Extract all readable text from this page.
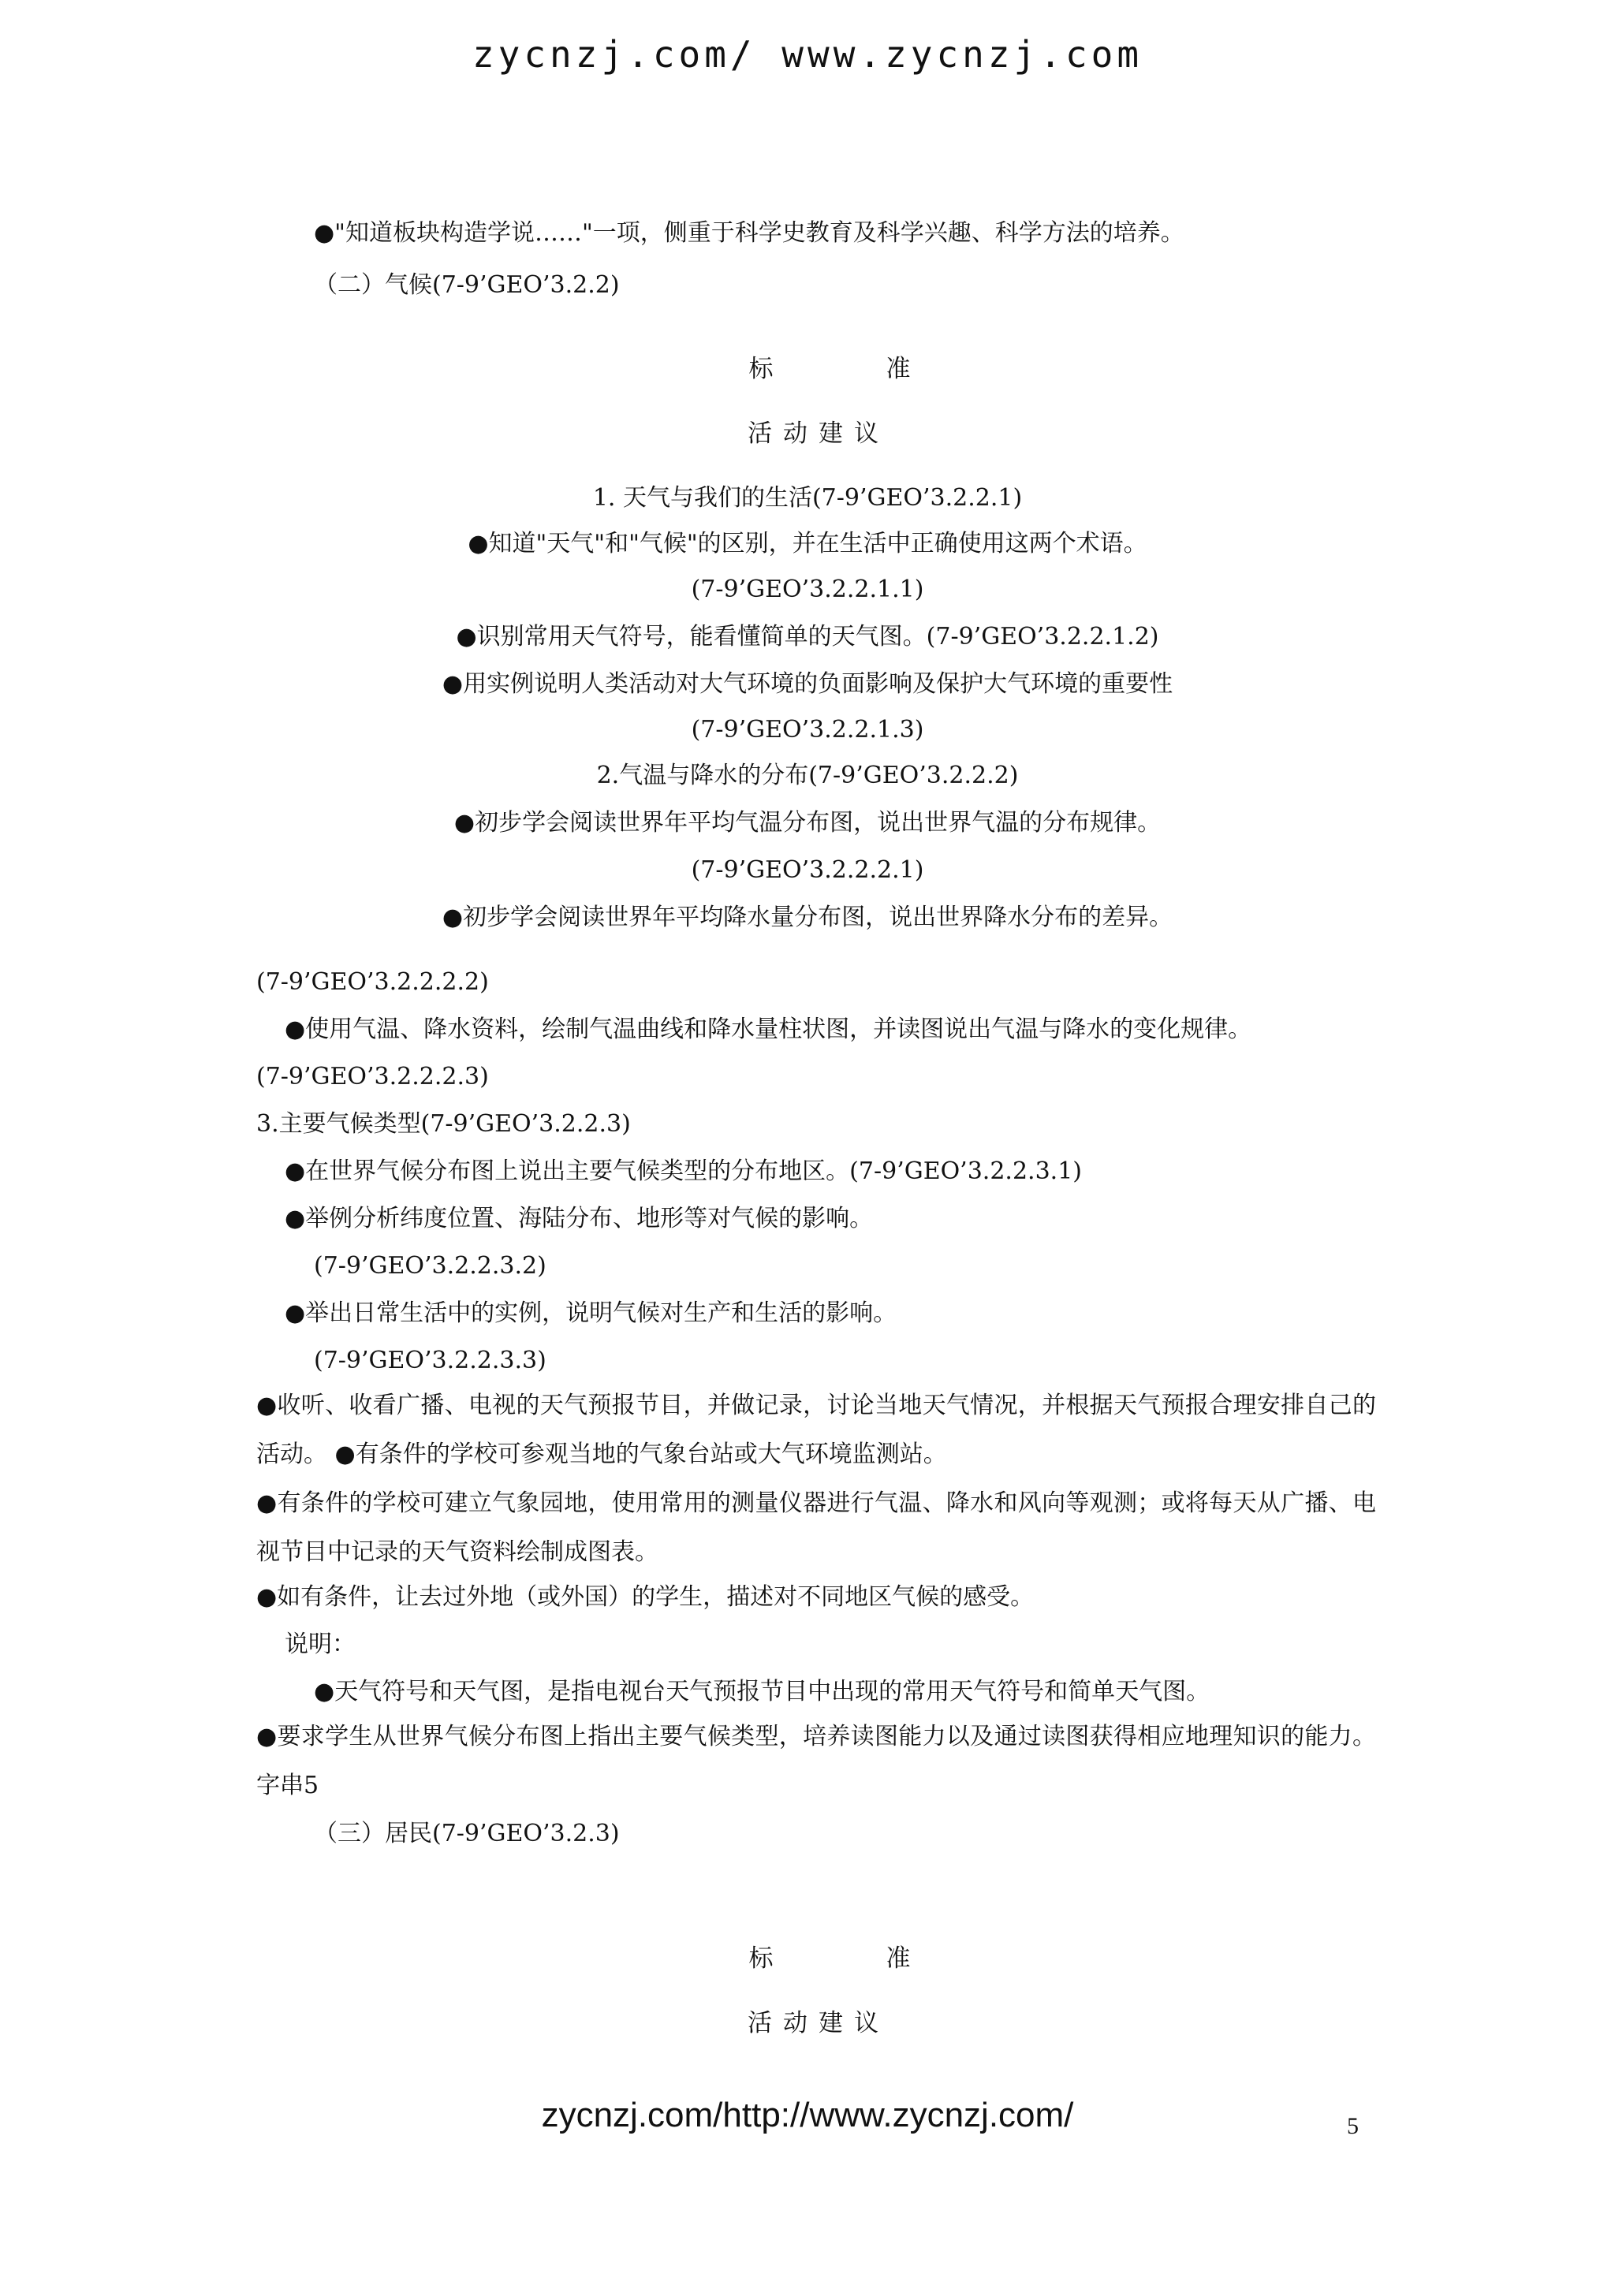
zycnzj.com/ www.zycnzj.com
●"知道板块构造学说……"一项，侧重于科学史教育及科学兴趣、科学方法的培养。
（二）气候(7-9’GEO’3.2.2)
标　准
活动建议
1. 天气与我们的生活(7-9’GEO’3.2.2.1)
●知道"天气"和"气候"的区别，并在生活中正确使用这两个术语。
(7-9’GEO’3.2.2.1.1)
●识别常用天气符号，能看懂简单的天气图。(7-9’GEO’3.2.2.1.2)
●用实例说明人类活动对大气环境的负面影响及保护大气环境的重要性
(7-9’GEO’3.2.2.1.3)
2.气温与降水的分布(7-9’GEO’3.2.2.2)
●初步学会阅读世界年平均气温分布图，说出世界气温的分布规律。
(7-9’GEO’3.2.2.2.1)
●初步学会阅读世界年平均降水量分布图，说出世界降水分布的差异。
(7-9’GEO’3.2.2.2.2)
●使用气温、降水资料，绘制气温曲线和降水量柱状图，并读图说出气温与降水的变化规律。
(7-9’GEO’3.2.2.2.3)
3.主要气候类型(7-9’GEO’3.2.2.3)
●在世界气候分布图上说出主要气候类型的分布地区。(7-9’GEO’3.2.2.3.1)
●举例分析纬度位置、海陆分布、地形等对气候的影响。
(7-9’GEO’3.2.2.3.2)
●举出日常生活中的实例，说明气候对生产和生活的影响。
(7-9’GEO’3.2.2.3.3)
●收听、收看广播、电视的天气预报节目，并做记录，讨论当地天气情况，并根据天气预报合理安排自己的活动。 ●有条件的学校可参观当地的气象台站或大气环境监测站。
●有条件的学校可建立气象园地，使用常用的测量仪器进行气温、降水和风向等观测；或将每天从广播、电视节目中记录的天气资料绘制成图表。
●如有条件，让去过外地（或外国）的学生，描述对不同地区气候的感受。
说明：
●天气符号和天气图，是指电视台天气预报节目中出现的常用天气符号和简单天气图。
●要求学生从世界气候分布图上指出主要气候类型，培养读图能力以及通过读图获得相应地理知识的能力。 字串5
（三）居民(7-9’GEO’3.2.3)
标　准
活动建议
5
zycnzj.com/http://www.zycnzj.com/
